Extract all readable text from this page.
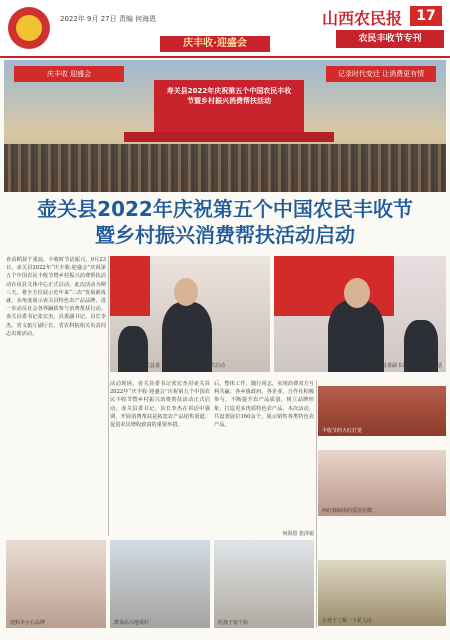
2022年 9月 27日 责编 何海恩
庆丰收·迎盛会
山西农民报	17
农民丰收节专刊
庆丰收 迎盛会	记录时代变迁 让消费更有情
寿关县2022年庆祝第五个中国农民丰收节暨乡村振兴消费帮扶活动
壶关县2022年庆祝第五个中国农民丰收节
暨乡村振兴消费帮扶活动启动
喜看稻菽千重浪，丰收时节话振兴。9月23日，壶关县2022年“庆丰收·迎盛会”庆祝第五个中国农民丰收节暨乡村振兴消费帮扶活动在该县文体中心正式启动。此次活动为期三天，将全方位展示近年来“三农”发展新成就，多角度展示壶关县特色农产品品牌，进一步动员社会各界踊跃参与消费帮扶行动。壶关县委书记张宏杰，县委副书记、县长李杰，省文旅厅副厅长，省农科院相关负责同志出席活动。
壶关县委书记张宏杰宣布活动正式启动	壶关县委副书记、县长李杰讲话
活动现场，壶关县委书记张宏杰对壶关县2022年“庆丰收·迎盛会”庆祝第五个中国农民丰收节暨乡村振兴消费帮扶活动正式启动。壶关县委书记、县长李杰在讲话中强调，开展消费帮扶是拓宽农产品销售渠道、促进农民增收致富的重要举措。
后，整体工作，随行同志，实现消费双方互利共赢；各乡镇政府、各企业、合作社积极参与，不断提升农产品质量，树立品牌形象，打造更多优质特色农产品。本次活动，共设置展位160余个，展示销售各类特色农产品。
丰收节的大红灯笼
西红柿制成的爱国党徽
让孩子了解一下花人民
选购本小石品牌	群众高兴地说好	给孩子留个影
何海恩 张泽锟
